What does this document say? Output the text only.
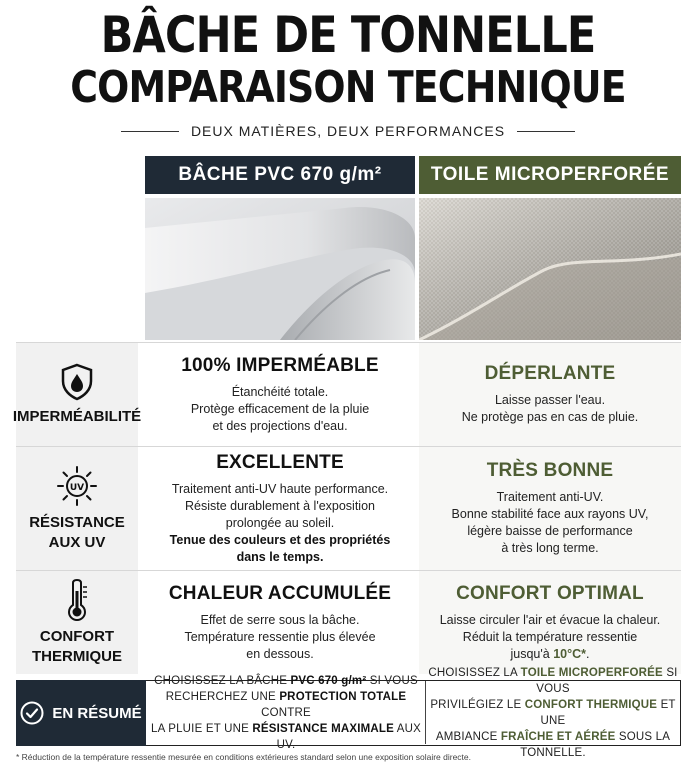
BÂCHE DE TONNELLE
COMPARAISON TECHNIQUE
DEUX MATIÈRES, DEUX PERFORMANCES
BÂCHE PVC 670 g/m²	TOILE MICROPERFORÉE
IMPERMÉABILITÉ
100% IMPERMÉABLE

Étanchéité totale.

Protège efficacement de la pluie

et des projections d'eau.

DÉPERLANTE

Laisse passer l'eau.

Ne protège pas en cas de pluie.

UV
RÉSISTANCE
AUX UV
EXCELLENTE

Traitement anti-UV haute performance.

Résiste durablement à l'exposition

prolongée au soleil.

Tenue des couleurs et des propriétés

dans le temps.

TRÈS BONNE

Traitement anti-UV.

Bonne stabilité face aux rayons UV,

légère baisse de performance

à très long terme.

CONFORT
THERMIQUE
CHALEUR ACCUMULÉE

Effet de serre sous la bâche.

Température ressentie plus élevée

en dessous.

CONFORT OPTIMAL

Laisse circuler l'air et évacue la chaleur.

Réduit la température ressentie

jusqu'à 10°C*.

EN RÉSUMÉ
CHOISISSEZ LA BÂCHE PVC 670 g/m² SI VOUS
RECHERCHEZ UNE PROTECTION TOTALE CONTRE
LA PLUIE ET UNE RÉSISTANCE MAXIMALE AUX UV.
CHOISISSEZ LA TOILE MICROPERFORÉE SI VOUS
PRIVILÉGIEZ LE CONFORT THERMIQUE ET UNE
AMBIANCE FRAÎCHE ET AÉRÉE SOUS LA TONNELLE.
* Réduction de la température ressentie mesurée en conditions extérieures standard selon une exposition solaire directe.
